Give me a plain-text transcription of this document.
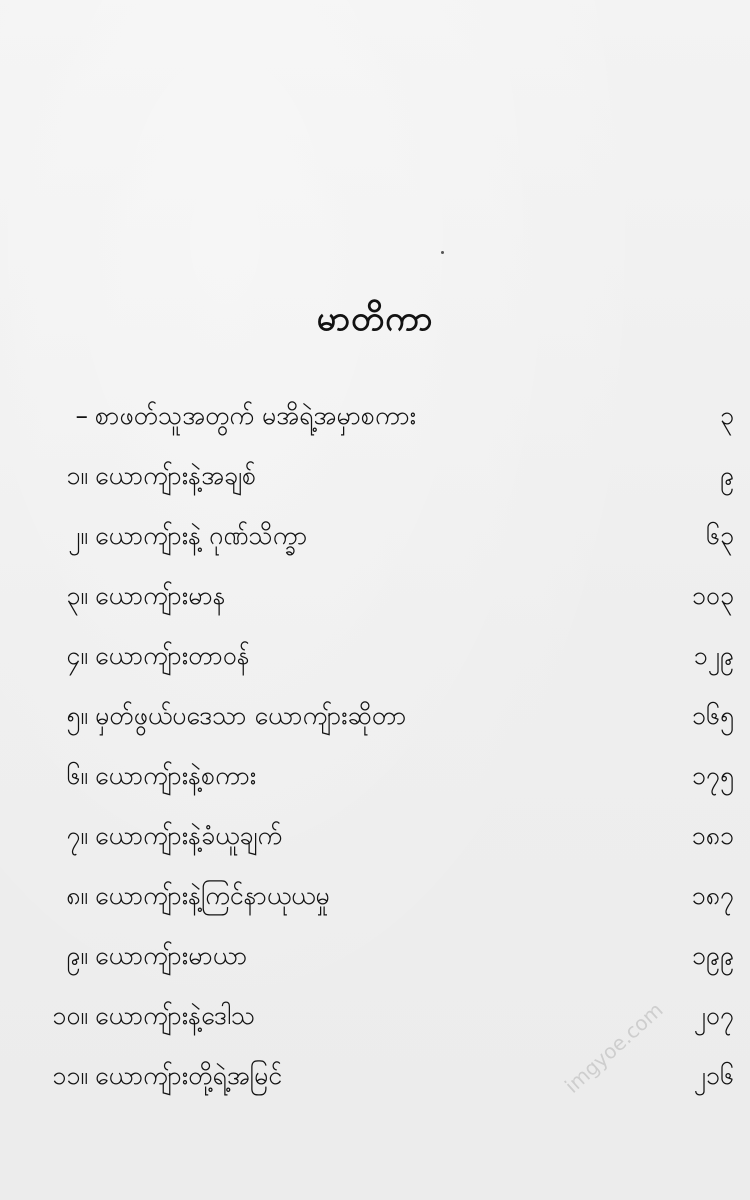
မာတိကာ
– စာဖတ်သူအတွက် မအိရဲ့အမှာစကား	၃
၁။ ယောကျ်ားနဲ့အချစ်	၉
၂။ ယောကျ်ားနဲ့ ဂုဏ်သိက္ခာ	၆၃
၃။ ယောကျ်ားမာန	၁၀၃
၄။ ယောကျ်ားတာဝန်	၁၂၉
၅။ မှတ်ဖွယ်ပဒေသာ ယောကျ်ားဆိုတာ	၁၆၅
၆။ ယောကျ်ားနဲ့စကား	၁၇၅
၇။ ယောကျ်ားနဲ့ခံယူချက်	၁၈၁
၈။ ယောကျ်ားနဲ့ကြင်နာယုယမှု	၁၈၇
၉။ ယောကျ်ားမာယာ	၁၉၉
၁၀။ ယောကျ်ားနဲ့ဒေါသ	၂၀၇
၁၁။ ယောကျ်ားတို့ရဲ့အမြင်	၂၁၆
imgyoe.com
